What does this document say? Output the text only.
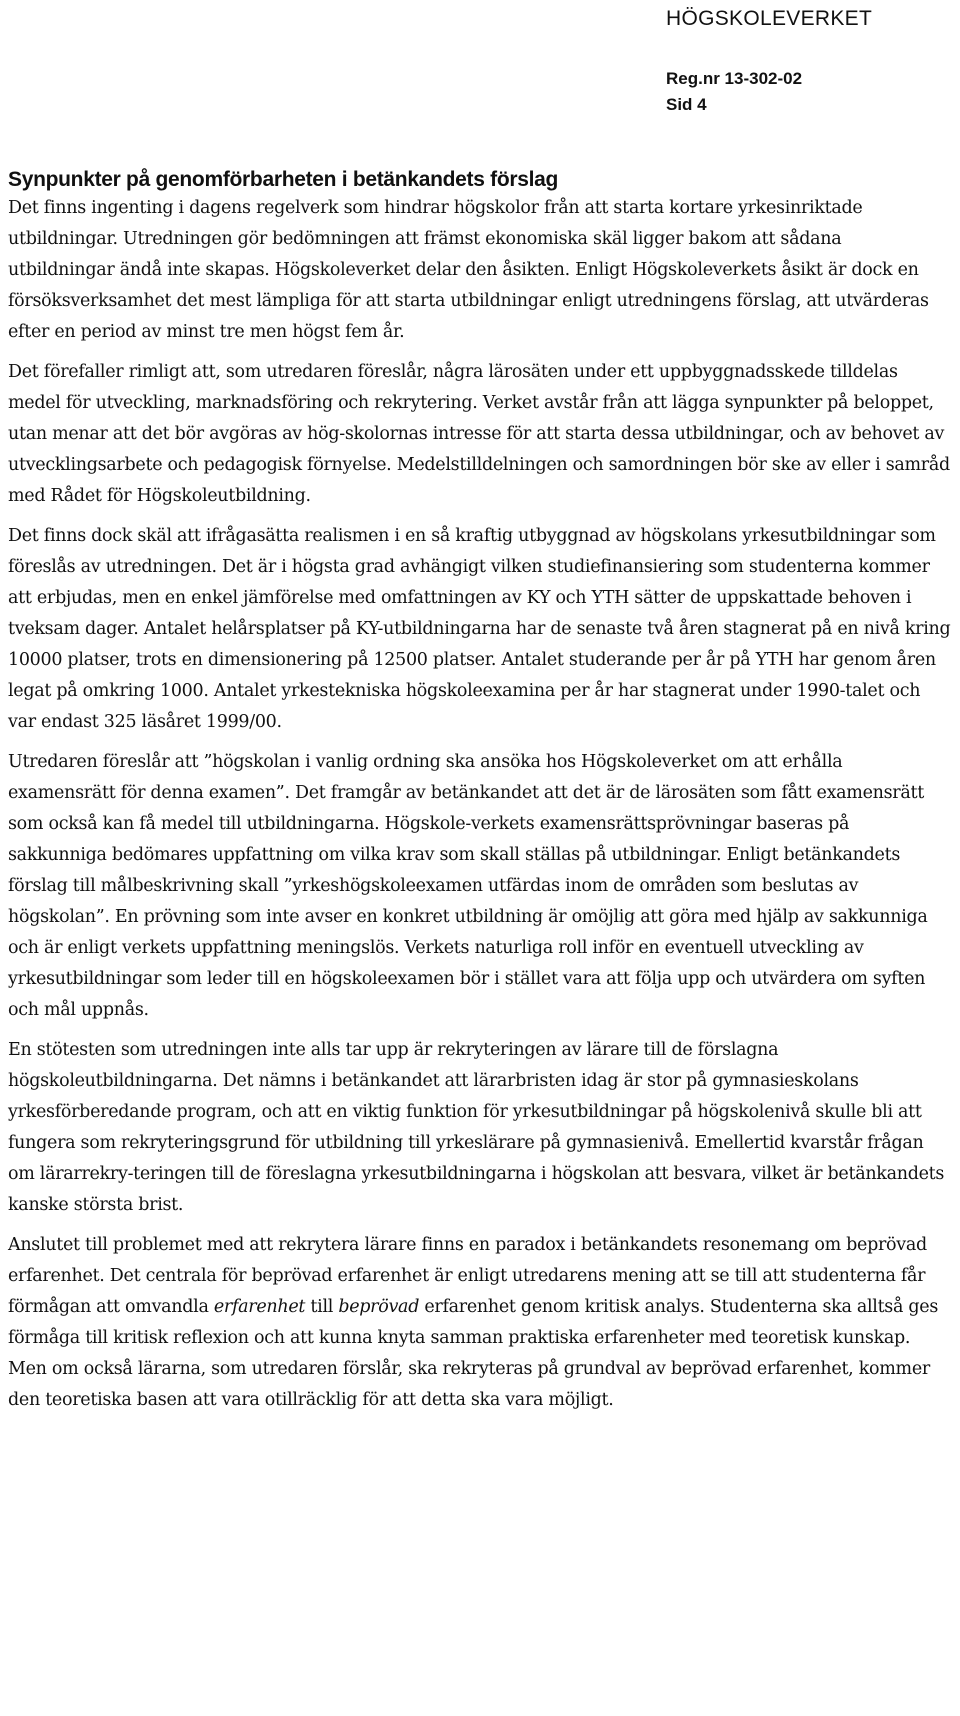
HÖGSKOLEVERKET
Reg.nr 13-302-02
Sid 4
Synpunkter på genomförbarheten i betänkandets förslag

Det finns ingenting i dagens regelverk som hindrar högskolor från att starta kortare yrkesinriktade utbildningar. Utredningen gör bedömningen att främst ekonomiska skäl ligger bakom att sådana utbildningar ändå inte skapas. Högskoleverket delar den åsikten. Enligt Högskoleverkets åsikt är dock en försöksverksamhet det mest lämpliga för att starta utbildningar enligt utredningens förslag, att utvärderas efter en period av minst tre men högst fem år.

Det förefaller rimligt att, som utredaren föreslår, några lärosäten under ett uppbyggnadsskede tilldelas medel för utveckling, marknadsföring och rekrytering. Verket avstår från att lägga synpunkter på beloppet, utan menar att det bör avgöras av hög-skolornas intresse för att starta dessa utbildningar, och av behovet av utvecklingsarbete och pedagogisk förnyelse. Medelstilldelningen och samordningen bör ske av eller i samråd med Rådet för Högskoleutbildning.

Det finns dock skäl att ifrågasätta realismen i en så kraftig utbyggnad av högskolans yrkesutbildningar som föreslås av utredningen. Det är i högsta grad avhängigt vilken studiefinansiering som studenterna kommer att erbjudas, men en enkel jämförelse med omfattningen av KY och YTH sätter de uppskattade behoven i tveksam dager. Antalet helårsplatser på KY-utbildningarna har de senaste två åren stagnerat på en nivå kring 10000 platser, trots en dimensionering på 12500 platser. Antalet studerande per år på YTH har genom åren legat på omkring 1000. Antalet yrkestekniska högskoleexamina per år har stagnerat under 1990-talet och var endast 325 läsåret 1999/00.

Utredaren föreslår att ”högskolan i vanlig ordning ska ansöka hos Högskoleverket om att erhålla examensrätt för denna examen”. Det framgår av betänkandet att det är de lärosäten som fått examensrätt som också kan få medel till utbildningarna. Högskole-verkets examensrättsprövningar baseras på sakkunniga bedömares uppfattning om vilka krav som skall ställas på utbildningar. Enligt betänkandets förslag till målbeskrivning skall ”yrkeshögskoleexamen utfärdas inom de områden som beslutas av högskolan”. En prövning som inte avser en konkret utbildning är omöjlig att göra med hjälp av sakkunniga och är enligt verkets uppfattning meningslös. Verkets naturliga roll inför en eventuell utveckling av yrkesutbildningar som leder till en högskoleexamen bör i stället vara att följa upp och utvärdera om syften och mål uppnås.

En stötesten som utredningen inte alls tar upp är rekryteringen av lärare till de förslagna högskoleutbildningarna. Det nämns i betänkandet att lärarbristen idag är stor på gymnasieskolans yrkesförberedande program, och att en viktig funktion för yrkesutbildningar på högskolenivå skulle bli att fungera som rekryteringsgrund för utbildning till yrkeslärare på gymnasienivå. Emellertid kvarstår frågan om lärarrekry-teringen till de föreslagna yrkesutbildningarna i högskolan att besvara, vilket är betänkandets kanske största brist.

Anslutet till problemet med att rekrytera lärare finns en paradox i betänkandets resonemang om beprövad erfarenhet. Det centrala för beprövad erfarenhet är enligt utredarens mening att se till att studenterna får förmågan att omvandla erfarenhet till beprövad erfarenhet genom kritisk analys. Studenterna ska alltså ges förmåga till kritisk reflexion och att kunna knyta samman praktiska erfarenheter med teoretisk kunskap. Men om också lärarna, som utredaren förslår, ska rekryteras på grundval av beprövad erfarenhet, kommer den teoretiska basen att vara otillräcklig för att detta ska vara möjligt.
